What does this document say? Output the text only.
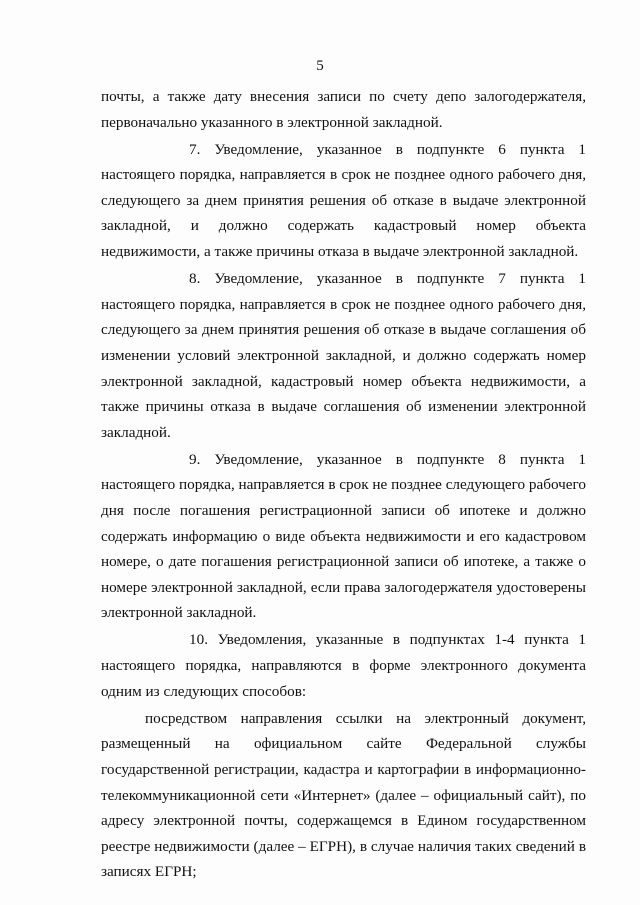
5

почты, а также дату внесения записи по счету депо залогодержателя, первоначально указанного в электронной закладной.

7. Уведомление, указанное в подпункте 6 пункта 1 настоящего порядка, направляется в срок не позднее одного рабочего дня, следующего за днем принятия решения об отказе в выдаче электронной закладной, и должно содержать кадастровый номер объекта недвижимости, а также причины отказа в выдаче электронной закладной.

8. Уведомление, указанное в подпункте 7 пункта 1 настоящего порядка, направляется в срок не позднее одного рабочего дня, следующего за днем принятия решения об отказе в выдаче соглашения об изменении условий электронной закладной, и должно содержать номер электронной закладной, кадастровый номер объекта недвижимости, а также причины отказа в выдаче соглашения об изменении электронной закладной.

9. Уведомление, указанное в подпункте 8 пункта 1 настоящего порядка, направляется в срок не позднее следующего рабочего дня после погашения регистрационной записи об ипотеке и должно содержать информацию о виде объекта недвижимости и его кадастровом номере, о дате погашения регистрационной записи об ипотеке, а также о номере электронной закладной, если права залогодержателя удостоверены электронной закладной.

10. Уведомления, указанные в подпунктах 1-4 пункта 1 настоящего порядка, направляются в форме электронного документа одним из следующих способов:

посредством направления ссылки на электронный документ, размещенный на официальном сайте Федеральной службы государственной регистрации, кадастра и картографии в информационно-телекоммуникационной сети «Интернет» (далее – официальный сайт), по адресу электронной почты, содержащемся в Едином государственном реестре недвижимости (далее – ЕГРН), в случае наличия таких сведений в записях ЕГРН;
